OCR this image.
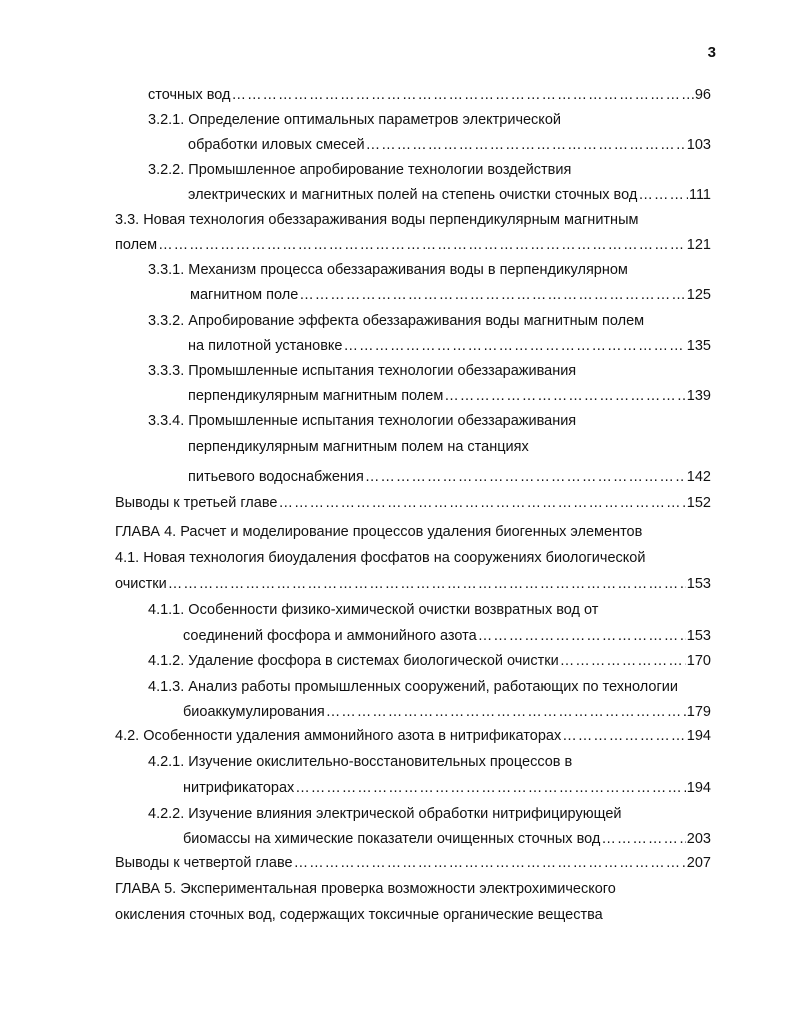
3
сточных вод ……………………………………………………………………………………………………………………………………………………………………………………………………	96
3.2.1. Определение оптимальных параметров электрической
обработки иловых смесей ……………………………………………………………………………………………………………………………………………………………………………………………………	103
3.2.2. Промышленное апробирование технологии воздействия
электрических и магнитных полей на степень очистки сточных вод ……………………………………………………………………………………………………………………………………………………………………………………………………	111
3.3. Новая технология обеззараживания воды перпендикулярным магнитным
полем ……………………………………………………………………………………………………………………………………………………………………………………………………	121
3.3.1. Механизм процесса обеззараживания воды в перпендикулярном
магнитном поле ……………………………………………………………………………………………………………………………………………………………………………………………………	125
3.3.2. Апробирование эффекта обеззараживания воды магнитным полем
на пилотной установке ……………………………………………………………………………………………………………………………………………………………………………………………………	135
3.3.3. Промышленные испытания технологии обеззараживания
перпендикулярным магнитным полем ……………………………………………………………………………………………………………………………………………………………………………………………………	139
3.3.4. Промышленные испытания технологии обеззараживания
перпендикулярным магнитным полем на станциях
питьевого водоснабжения ……………………………………………………………………………………………………………………………………………………………………………………………………	142
Выводы к третьей главе ……………………………………………………………………………………………………………………………………………………………………………………………………	152
ГЛАВА 4. Расчет и моделирование процессов удаления биогенных элементов
4.1. Новая технология биоудаления фосфатов на сооружениях биологической
очистки ……………………………………………………………………………………………………………………………………………………………………………………………………	153
4.1.1. Особенности физико-химической очистки возвратных вод от
соединений фосфора и аммонийного азота ……………………………………………………………………………………………………………………………………………………………………………………………………	153
4.1.2. Удаление фосфора в системах биологической очистки ……………………………………………………………………………………………………………………………………………………………………………………………………	170
4.1.3. Анализ работы промышленных сооружений, работающих по технологии
биоаккумулирования ……………………………………………………………………………………………………………………………………………………………………………………………………	179
4.2. Особенности удаления аммонийного азота в нитрификаторах ……………………………………………………………………………………………………………………………………………………………………………………………………	194
4.2.1. Изучение окислительно-восстановительных процессов в
нитрификаторах ……………………………………………………………………………………………………………………………………………………………………………………………………	194
4.2.2. Изучение влияния электрической обработки нитрифицирующей
биомассы на химические показатели очищенных сточных вод ……………………………………………………………………………………………………………………………………………………………………………………………………	203
Выводы к четвертой главе ……………………………………………………………………………………………………………………………………………………………………………………………………	207
ГЛАВА 5. Экспериментальная проверка возможности электрохимического
окисления сточных вод, содержащих токсичные органические вещества
